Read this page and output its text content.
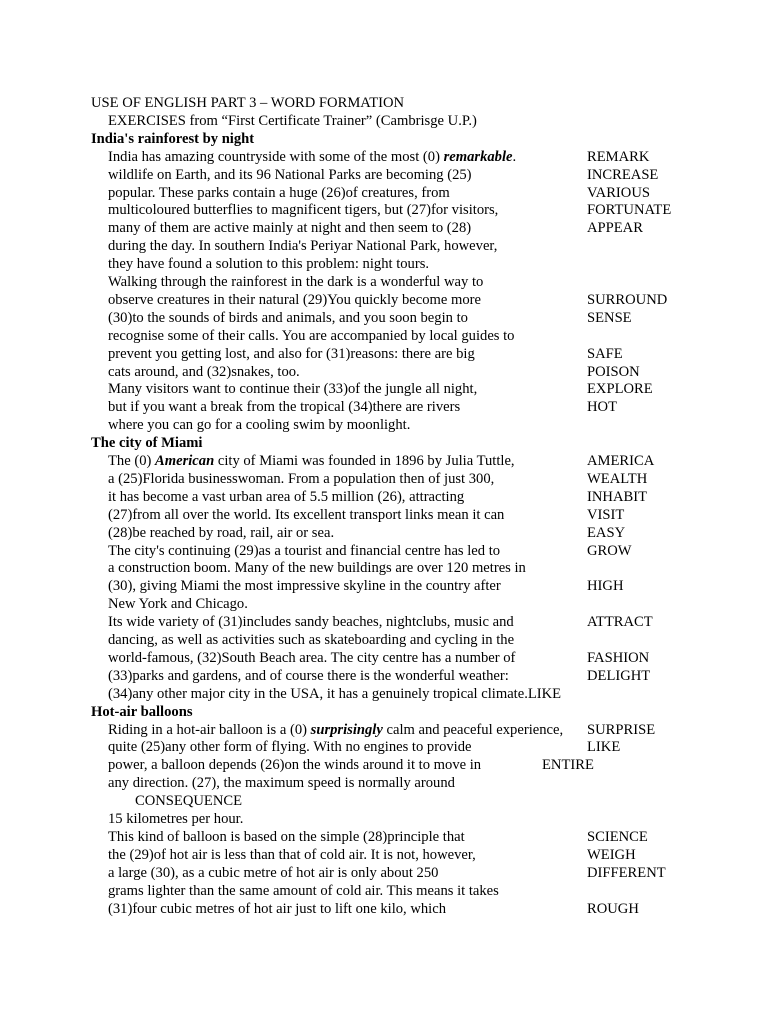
USE OF ENGLISH PART 3 – WORD FORMATION
EXERCISES from “First Certificate Trainer” (Cambrisge U.P.)
India's rainforest by night
India has amazing countryside with some of the most (0) remarkable.	REMARK
wildlife on Earth, and its 96 National Parks are becoming (25)	INCREASE
popular. These parks contain a huge (26)of creatures, from	VARIOUS
multicoloured butterflies to magnificent tigers, but (27)for visitors,	FORTUNATE
many of them are active mainly at night and then seem to (28)	APPEAR
during the day. In southern India's Periyar National Park, however,
they have found a solution to this problem: night tours.
Walking through the rainforest in the dark is a wonderful way to
observe creatures in their natural (29)You quickly become more	SURROUND
(30)to the sounds of birds and animals, and you soon begin to	SENSE
recognise some of their calls. You are accompanied by local guides to
prevent you getting lost, and also for (31)reasons: there are big	SAFE
cats around, and (32)snakes, too.	POISON
Many visitors want to continue their (33)of the jungle all night,	EXPLORE
but if you want a break from the tropical (34)there are rivers	HOT
where you can go for a cooling swim by moonlight.
The city of Miami
The (0) American city of Miami was founded in 1896 by Julia Tuttle,	AMERICA
a (25)Florida businesswoman. From a population then of just 300,	WEALTH
it has become a vast urban area of 5.5 million (26), attracting	INHABIT
(27)from all over the world. Its excellent transport links mean it can	VISIT
(28)be reached by road, rail, air or sea.	EASY
The city's continuing (29)as a tourist and financial centre has led to	GROW
a construction boom. Many of the new buildings are over 120 metres in
(30), giving Miami the most impressive skyline in the country after	HIGH
New York and Chicago.
Its wide variety of (31)includes sandy beaches, nightclubs, music and	ATTRACT
dancing, as well as activities such as skateboarding and cycling in the
world-famous, (32)South Beach area. The city centre has a number of	FASHION
(33)parks and gardens, and of course there is the wonderful weather:	DELIGHT
(34)any other major city in the USA, it has a genuinely tropical climate.LIKE
Hot-air balloons
Riding in a hot-air balloon is a (0) surprisingly calm and peaceful experience, SURPRISE
quite (25)any other form of flying. With no engines to provide	LIKE
power, a balloon depends (26)on the winds around it to move in	ENTIRE
any direction. (27), the maximum speed is normally around
CONSEQUENCE
15 kilometres per hour.
This kind of balloon is based on the simple (28)principle that	SCIENCE
the (29)of hot air is less than that of cold air. It is not, however,	WEIGH
a large (30), as a cubic metre of hot air is only about 250	DIFFERENT
grams lighter than the same amount of cold air. This means it takes
(31)four cubic metres of hot air just to lift one kilo, which	ROUGH
